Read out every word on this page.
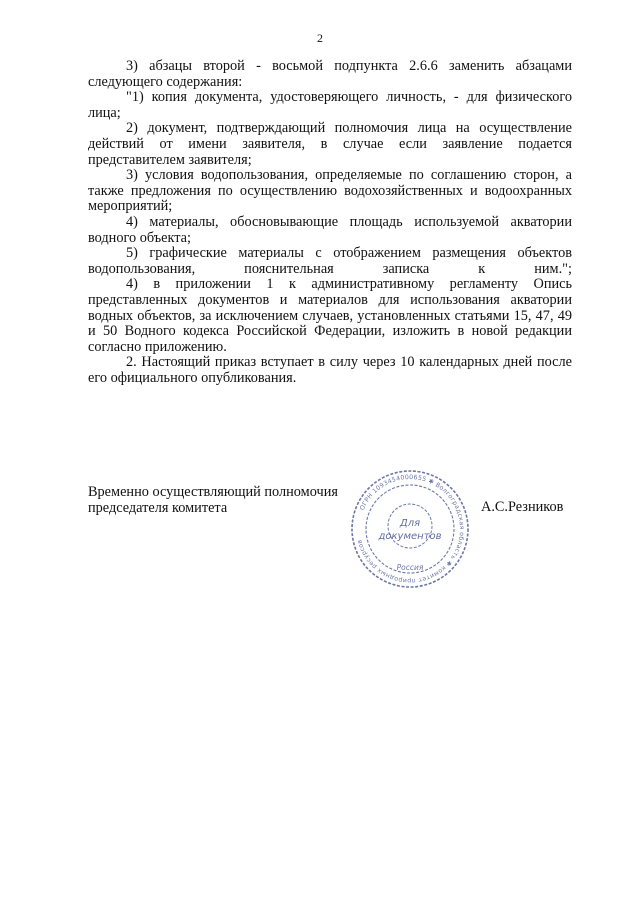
2

3) абзацы второй - восьмой подпункта 2.6.6 заменить абзацами следующего содержания:

"1) копия документа, удостоверяющего личность, - для физического лица;

2) документ, подтверждающий полномочия лица на осуществление действий от имени заявителя, в случае если заявление подается представителем заявителя;

3) условия водопользования, определяемые по соглашению сторон, а также предложения по осуществлению водохозяйственных и водоохранных мероприятий;

4) материалы, обосновывающие площадь используемой акватории водного объекта;

5) графические материалы с отображением размещения объектов водопользования, пояснительная записка к ним.";

4) в приложении 1 к административному регламенту Опись представленных документов и материалов для использования акватории водных объектов, за исключением случаев, установленных статьями 15, 47, 49 и 50 Водного кодекса Российской Федерации, изложить в новой редакции согласно приложению.

2. Настоящий приказ вступает в силу через 10 календарных дней после его официального опубликования.

Временно осуществляющий полномочия
председателя комитета	А.С.Резников
ОГРН 1093454000655 ✱ Волгоградская область ✱ комитет природных ресурсов
Для
документов
Россия
